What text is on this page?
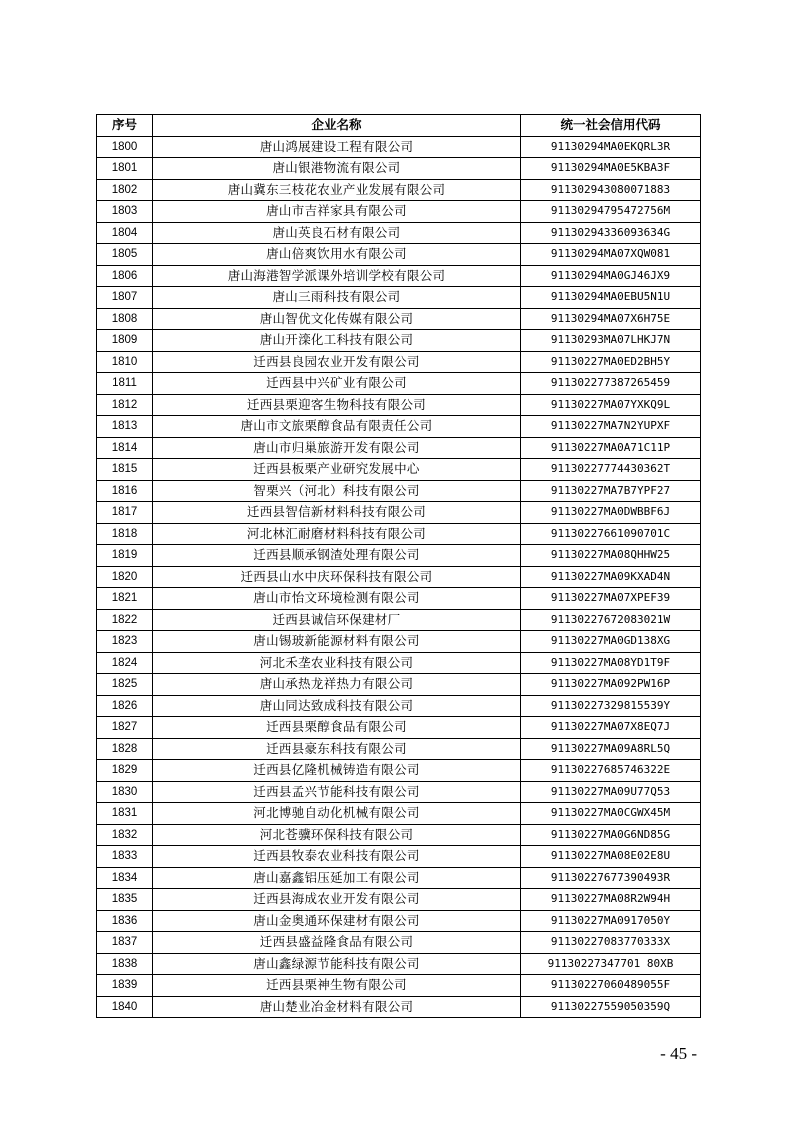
序号	企业名称	统一社会信用代码
1800	唐山鸿展建设工程有限公司	91130294MA0EKQRL3R
1801	唐山银港物流有限公司	91130294MA0E5KBA3F
1802	唐山冀东三枝花农业产业发展有限公司	911302943080071883
1803	唐山市吉祥家具有限公司	91130294795472756M
1804	唐山英良石材有限公司	91130294336093634G
1805	唐山倍爽饮用水有限公司	91130294MA07XQW081
1806	唐山海港智学派课外培训学校有限公司	91130294MA0GJ46JX9
1807	唐山三雨科技有限公司	91130294MA0EBU5N1U
1808	唐山智优文化传媒有限公司	91130294MA07X6H75E
1809	唐山开滦化工科技有限公司	91130293MA07LHKJ7N
1810	迁西县良园农业开发有限公司	91130227MA0ED2BH5Y
1811	迁西县中兴矿业有限公司	911302277387265459
1812	迁西县栗迎客生物科技有限公司	91130227MA07YXKQ9L
1813	唐山市文旅栗醇食品有限责任公司	91130227MA7N2YUPXF
1814	唐山市归巢旅游开发有限公司	91130227MA0A71C11P
1815	迁西县板栗产业研究发展中心	91130227774430362T
1816	智栗兴（河北）科技有限公司	91130227MA7B7YPF27
1817	迁西县智信新材料科技有限公司	91130227MA0DWBBF6J
1818	河北林汇耐磨材料科技有限公司	91130227661090701C
1819	迁西县顺承钢渣处理有限公司	91130227MA08QHHW25
1820	迁西县山水中庆环保科技有限公司	91130227MA09KXAD4N
1821	唐山市怡文环境检测有限公司	91130227MA07XPEF39
1822	迁西县诚信环保建材厂	91130227672083021W
1823	唐山锡玻新能源材料有限公司	91130227MA0GD138XG
1824	河北禾垄农业科技有限公司	91130227MA08YD1T9F
1825	唐山承热龙祥热力有限公司	91130227MA092PW16P
1826	唐山同达致成科技有限公司	91130227329815539Y
1827	迁西县栗醇食品有限公司	91130227MA07X8EQ7J
1828	迁西县豪东科技有限公司	91130227MA09A8RL5Q
1829	迁西县亿隆机械铸造有限公司	91130227685746322E
1830	迁西县孟兴节能科技有限公司	91130227MA09U77Q53
1831	河北博驰自动化机械有限公司	91130227MA0CGWX45M
1832	河北苍骥环保科技有限公司	91130227MA0G6ND85G
1833	迁西县牧泰农业科技有限公司	91130227MA08E02E8U
1834	唐山嘉鑫铝压延加工有限公司	91130227677390493R
1835	迁西县海成农业开发有限公司	91130227MA08R2W94H
1836	唐山金奥通环保建材有限公司	91130227MA0917050Y
1837	迁西县盛益隆食品有限公司	91130227083770333X
1838	唐山鑫绿源节能科技有限公司	91130227347701 80XB
1839	迁西县栗神生物有限公司	91130227060489055F
1840	唐山楚业冶金材料有限公司	91130227559050359Q
- 45 -
